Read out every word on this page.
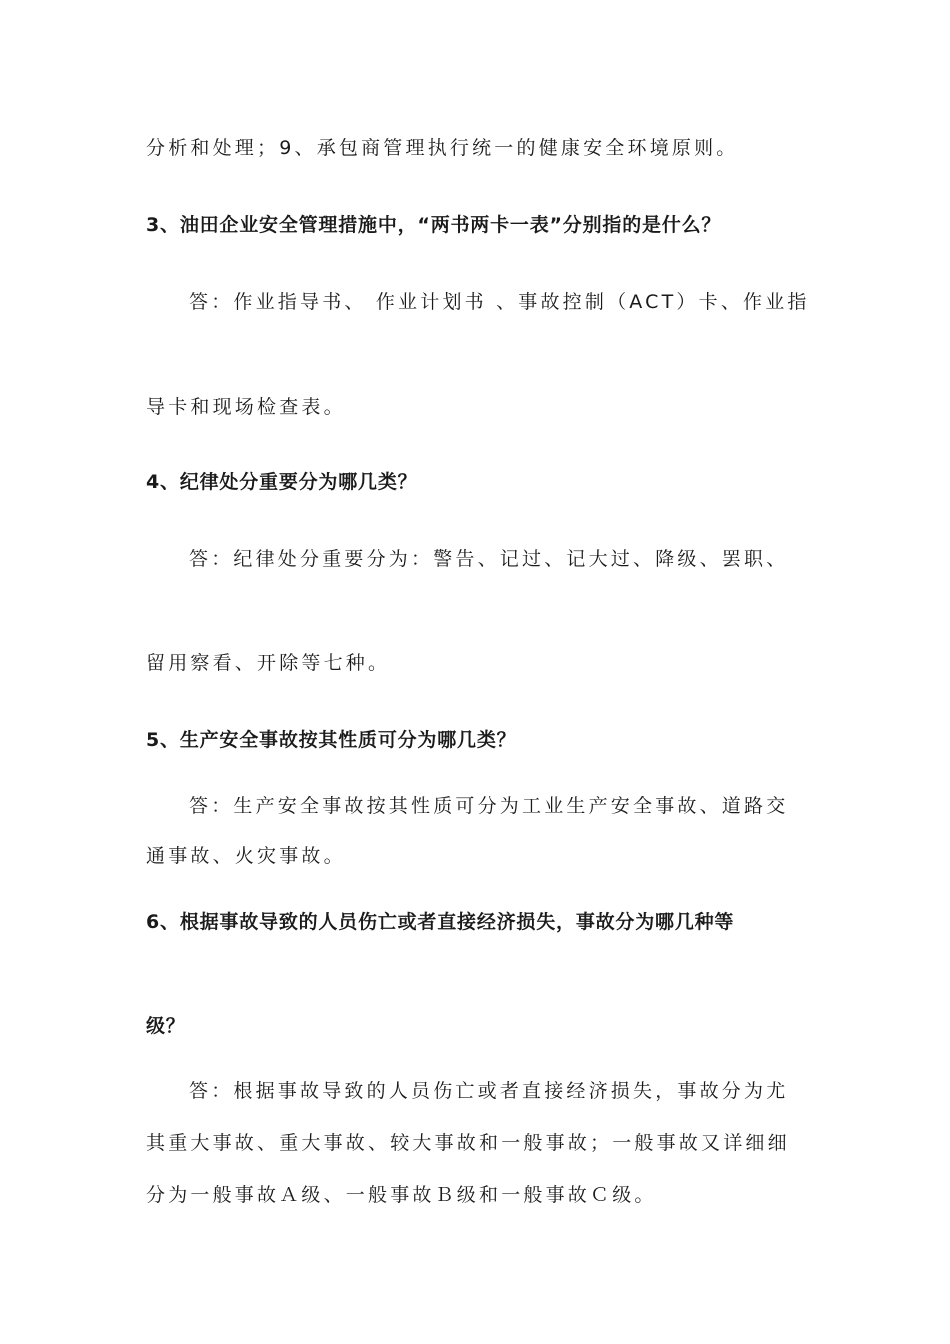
分析和处理；9、承包商管理执行统一的健康安全环境原则。
3、油田企业安全管理措施中，“两书两卡一表”分别指的是什么？
答：作业指导书、 作业计划书 、事故控制（ACT）卡、作业指
导卡和现场检查表。
4、纪律处分重要分为哪几类？
答：纪律处分重要分为：警告、记过、记大过、降级、罢职、
留用察看、开除等七种。
5、生产安全事故按其性质可分为哪几类？
答：生产安全事故按其性质可分为工业生产安全事故、道路交
通事故、火灾事故。
6、根据事故导致的人员伤亡或者直接经济损失，事故分为哪几种等
级？
答：根据事故导致的人员伤亡或者直接经济损失，事故分为尤
其重大事故、重大事故、较大事故和一般事故；一般事故又详细细
分为一般事故Ａ级、一般事故Ｂ级和一般事故Ｃ级。
